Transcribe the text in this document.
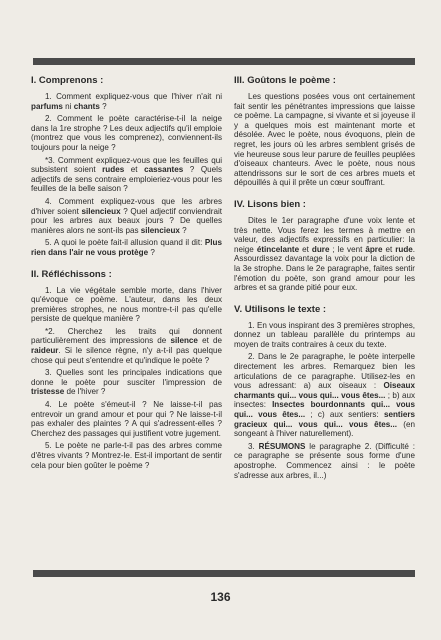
I. Comprenons :

1. Comment expliquez-vous que l'hiver n'ait ni parfums ni chants ?

2. Comment le poète caractérise-t-il la neige dans la 1re strophe ? Les deux adjectifs qu'il emploie (montrez que vous les comprenez), conviennent-ils toujours pour la neige ?

*3. Comment expliquez-vous que les feuilles qui subsistent soient rudes et cassantes ? Quels adjectifs de sens contraire emploieriez-vous pour les feuilles de la belle saison ?

4. Comment expliquez-vous que les arbres d'hiver soient silencieux ? Quel adjectif conviendrait pour les arbres aux beaux jours ? De quelles manières alors ne sont-ils pas silencieux ?

5. A quoi le poète fait-il allusion quand il dit: Plus rien dans l'air ne vous protège ?

II. Réfléchissons :

1. La vie végétale semble morte, dans l'hiver qu'évoque ce poème. L'auteur, dans les deux premières strophes, ne nous montre-t-il pas qu'elle persiste de quelque manière ?

*2. Cherchez les traits qui donnent particulièrement des impressions de silence et de raideur. Si le silence règne, n'y a-t-il pas quelque chose qui peut s'entendre et qu'indique le poète ?

3. Quelles sont les principales indications que donne le poète pour susciter l'impression de tristesse de l'hiver ?

4. Le poète s'émeut-il ? Ne laisse-t-il pas entrevoir un grand amour et pour qui ? Ne laisse-t-il pas exhaler des plaintes ? A qui s'adressent-elles ? Cherchez des passages qui justifient votre jugement.

5. Le poète ne parle-t-il pas des arbres comme d'êtres vivants ? Montrez-le. Est-il important de sentir cela pour bien goûter le poème ?

III. Goûtons le poème :

Les questions posées vous ont certainement fait sentir les pénétrantes impressions que laisse ce poème. La campagne, si vivante et si joyeuse il y a quelques mois est maintenant morte et désolée. Avec le poète, nous évoquons, plein de regret, les jours où les arbres semblent grisés de vie heureuse sous leur parure de feuilles peuplées d'oiseaux chanteurs. Avec le poète, nous nous attendrissons sur le sort de ces arbres muets et dépouillés à qui il prête un cœur souffrant.

IV. Lisons bien :

Dites le 1er paragraphe d'une voix lente et très nette. Vous ferez les termes à mettre en valeur, des adjectifs expressifs en particulier: la neige étincelante et dure ; le vent âpre et rude. Assourdissez davantage la voix pour la diction de la 3e strophe. Dans le 2e paragraphe, faites sentir l'émotion du poète, son grand amour pour les arbres et sa grande pitié pour eux.

V. Utilisons le texte :

1. En vous inspirant des 3 premières strophes, donnez un tableau parallèle du printemps au moyen de traits contraires à ceux du texte.

2. Dans le 2e paragraphe, le poète interpelle directement les arbres. Remarquez bien les articulations de ce paragraphe. Utilisez-les en vous adressant: a) aux oiseaux : Oiseaux charmants qui... vous qui... vous êtes... ; b) aux insectes: Insectes bourdonnants qui... vous qui... vous êtes... ; c) aux sentiers: sentiers gracieux qui... vous qui... vous êtes... (en songeant à l'hiver naturellement).

3. RÉSUMONS le paragraphe 2. (Difficulté : ce paragraphe se présente sous forme d'une apostrophe. Commencez ainsi : le poète s'adresse aux arbres, il...)

136
